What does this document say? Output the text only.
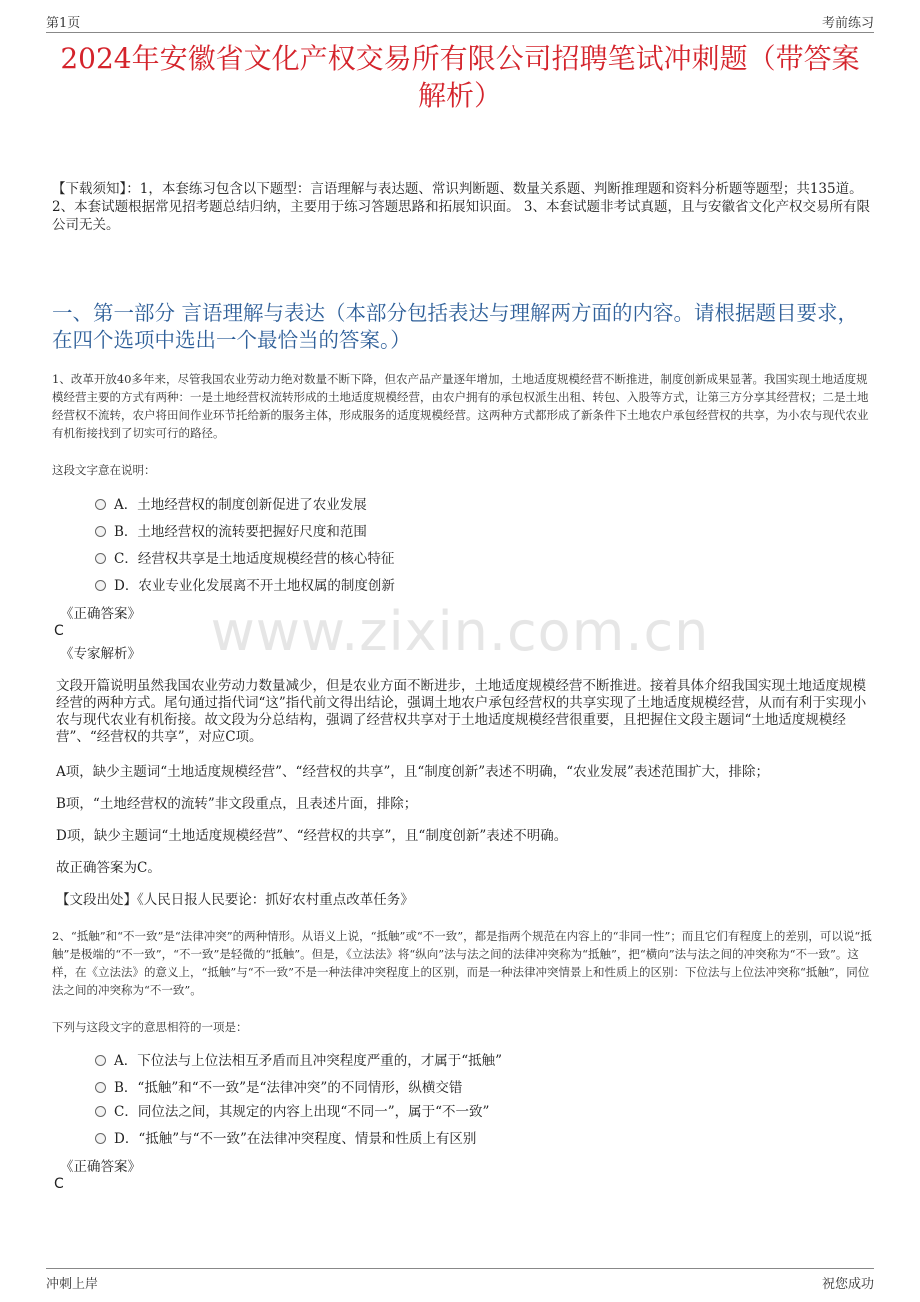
第1页	考前练习
2024年安徽省文化产权交易所有限公司招聘笔试冲刺题（带答案解析）
【下载须知】：1，本套练习包含以下题型：言语理解与表达题、常识判断题、数量关系题、判断推理题和资料分析题等题型；共135道。 2、本套试题根据常见招考题总结归纳，主要用于练习答题思路和拓展知识面。 3、本套试题非考试真题，且与安徽省文化产权交易所有限公司无关。
一、第一部分 言语理解与表达（本部分包括表达与理解两方面的内容。请根据题目要求，在四个选项中选出一个最恰当的答案。）
www.zixin.com.cn
1、改革开放40多年来，尽管我国农业劳动力绝对数量不断下降，但农产品产量逐年增加，土地适度规模经营不断推进，制度创新成果显著。我国实现土地适度规模经营主要的方式有两种：一是土地经营权流转形成的土地适度规模经营，由农户拥有的承包权派生出租、转包、入股等方式，让第三方分享其经营权；二是土地经营权不流转，农户将田间作业环节托给新的服务主体，形成服务的适度规模经营。这两种方式都形成了新条件下土地农户承包经营权的共享，为小农与现代农业有机衔接找到了切实可行的路径。
这段文字意在说明：
A．土地经营权的制度创新促进了农业发展
B．土地经营权的流转要把握好尺度和范围
C．经营权共享是土地适度规模经营的核心特征
D．农业专业化发展离不开土地权属的制度创新
《正确答案》
C
《专家解析》
文段开篇说明虽然我国农业劳动力数量减少，但是农业方面不断进步，土地适度规模经营不断推进。接着具体介绍我国实现土地适度规模经营的两种方式。尾句通过指代词“这”指代前文得出结论，强调土地农户承包经营权的共享实现了土地适度规模经营，从而有利于实现小农与现代农业有机衔接。故文段为分总结构，强调了经营权共享对于土地适度规模经营很重要，且把握住文段主题词“土地适度规模经营”、“经营权的共享”，对应C项。
A项，缺少主题词“土地适度规模经营”、“经营权的共享”，且“制度创新”表述不明确，“农业发展”表述范围扩大，排除；
B项，“土地经营权的流转”非文段重点，且表述片面，排除；
D项，缺少主题词“土地适度规模经营”、“经营权的共享”，且“制度创新”表述不明确。
故正确答案为C。
【文段出处】《人民日报人民要论：抓好农村重点改革任务》
2、“抵触”和“不一致”是“法律冲突”的两种情形。从语义上说，“抵触”或“不一致”，都是指两个规范在内容上的“非同一性”；而且它们有程度上的差别，可以说“抵触”是极端的“不一致”，“不一致”是轻微的“抵触”。但是，《立法法》将“纵向”法与法之间的法律冲突称为“抵触”，把“横向”法与法之间的冲突称为“不一致”。这样，在《立法法》的意义上，“抵触”与“不一致”不是一种法律冲突程度上的区别，而是一种法律冲突情景上和性质上的区别：下位法与上位法冲突称“抵触”，同位法之间的冲突称为“不一致”。
下列与这段文字的意思相符的一项是：
A．下位法与上位法相互矛盾而且冲突程度严重的，才属于“抵触”
B．“抵触”和“不一致”是“法律冲突”的不同情形，纵横交错
C．同位法之间，其规定的内容上出现“不同一”，属于“不一致”
D．“抵触”与“不一致”在法律冲突程度、情景和性质上有区别
《正确答案》
C
冲刺上岸	祝您成功
